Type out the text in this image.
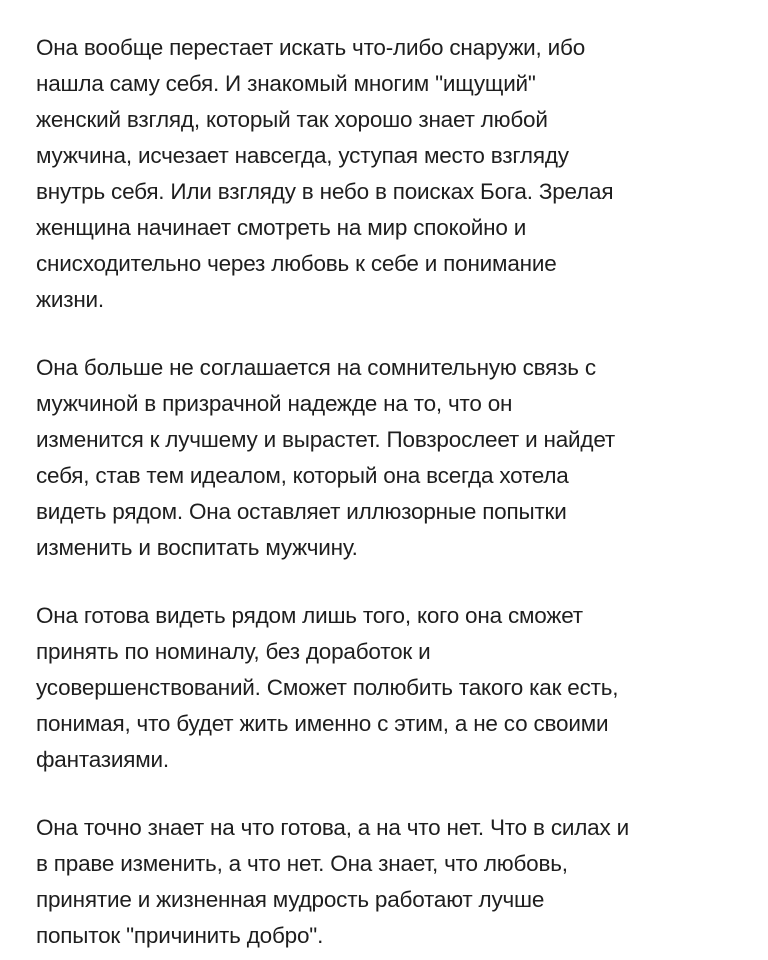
Она вообще перестает искать что-либо снаружи, ибо
нашла саму себя. И знакомый многим "ищущий"
женский взгляд, который так хорошо знает любой
мужчина, исчезает навсегда, уступая место взгляду
внутрь себя. Или взгляду в небо в поисках Бога. Зрелая
женщина начинает смотреть на мир спокойно и
снисходительно через любовь к себе и понимание
жизни.
Она больше не соглашается на сомнительную связь с
мужчиной в призрачной надежде на то, что он
изменится к лучшему и вырастет. Повзрослеет и найдет
себя, став тем идеалом, который она всегда хотела
видеть рядом. Она оставляет иллюзорные попытки
изменить и воспитать мужчину.
Она готова видеть рядом лишь того, кого она сможет
принять по номиналу, без доработок и
усовершенствований. Сможет полюбить такого как есть,
понимая, что будет жить именно с этим, а не со своими
фантазиями.
Она точно знает на что готова, а на что нет. Что в силах и
в праве изменить, а что нет. Она знает, что любовь,
принятие и жизненная мудрость работают лучше
попыток "причинить добро".
